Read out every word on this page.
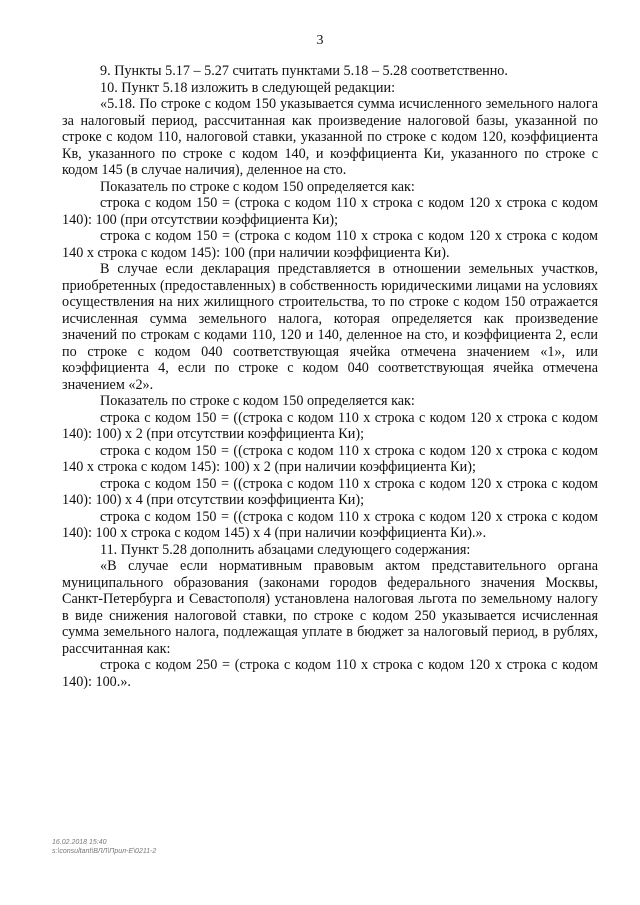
3

9. Пункты 5.17 – 5.27 считать пунктами 5.18 – 5.28 соответственно.

10. Пункт 5.18 изложить в следующей редакции:

«5.18. По строке с кодом 150 указывается сумма исчисленного земельного налога за налоговый период, рассчитанная как произведение налоговой базы, указанной по строке с кодом 110, налоговой ставки, указанной по строке с кодом 120, коэффициента Кв, указанного по строке с кодом 140, и коэффициента Ки, указанного по строке с кодом 145 (в случае наличия), деленное на сто.

Показатель по строке с кодом 150 определяется как:

строка с кодом 150 = (строка с кодом 110 x строка с кодом 120 x строка с кодом 140): 100 (при отсутствии коэффициента Ки);

строка с кодом 150 = (строка с кодом 110 x строка с кодом 120 x строка с кодом 140 x строка с кодом 145): 100 (при наличии коэффициента Ки).

В случае если декларация представляется в отношении земельных участков, приобретенных (предоставленных) в собственность юридическими лицами на условиях осуществления на них жилищного строительства, то по строке с кодом 150 отражается исчисленная сумма земельного налога, которая определяется как произведение значений по строкам с кодами 110, 120 и 140, деленное на сто, и коэффициента 2, если по строке с кодом 040 соответствующая ячейка отмечена значением «1», или коэффициента 4, если по строке с кодом 040 соответствующая ячейка отмечена значением «2».

Показатель по строке с кодом 150 определяется как:

строка с кодом 150 = ((строка с кодом 110 x строка с кодом 120 x строка с кодом 140): 100) x 2 (при отсутствии коэффициента Ки);

строка с кодом 150 = ((строка с кодом 110 x строка с кодом 120 x строка с кодом 140 x строка с кодом 145): 100) x 2 (при наличии коэффициента Ки);

строка с кодом 150 = ((строка с кодом 110 x строка с кодом 120 x строка с кодом 140): 100) x 4 (при отсутствии коэффициента Ки);

строка с кодом 150 = ((строка с кодом 110 x строка с кодом 120 x строка с кодом 140): 100 x строка с кодом 145) x 4 (при наличии коэффициента Ки).».

11. Пункт 5.28 дополнить абзацами следующего содержания:

«В случае если нормативным правовым актом представительного органа муниципального образования (законами городов федерального значения Москвы, Санкт-Петербурга и Севастополя) установлена налоговая льгота по земельному налогу в виде снижения налоговой ставки, по строке с кодом 250 указывается исчисленная сумма земельного налога, подлежащая уплате в бюджет за налоговый период, в рублях, рассчитанная как:

строка с кодом 250 = (строка с кодом 110 x строка с кодом 120 x строка с кодом 140): 100.».

16.02.2018 15:40
s:\consultant\ВЛЛ\Прил-Е\0211-2
